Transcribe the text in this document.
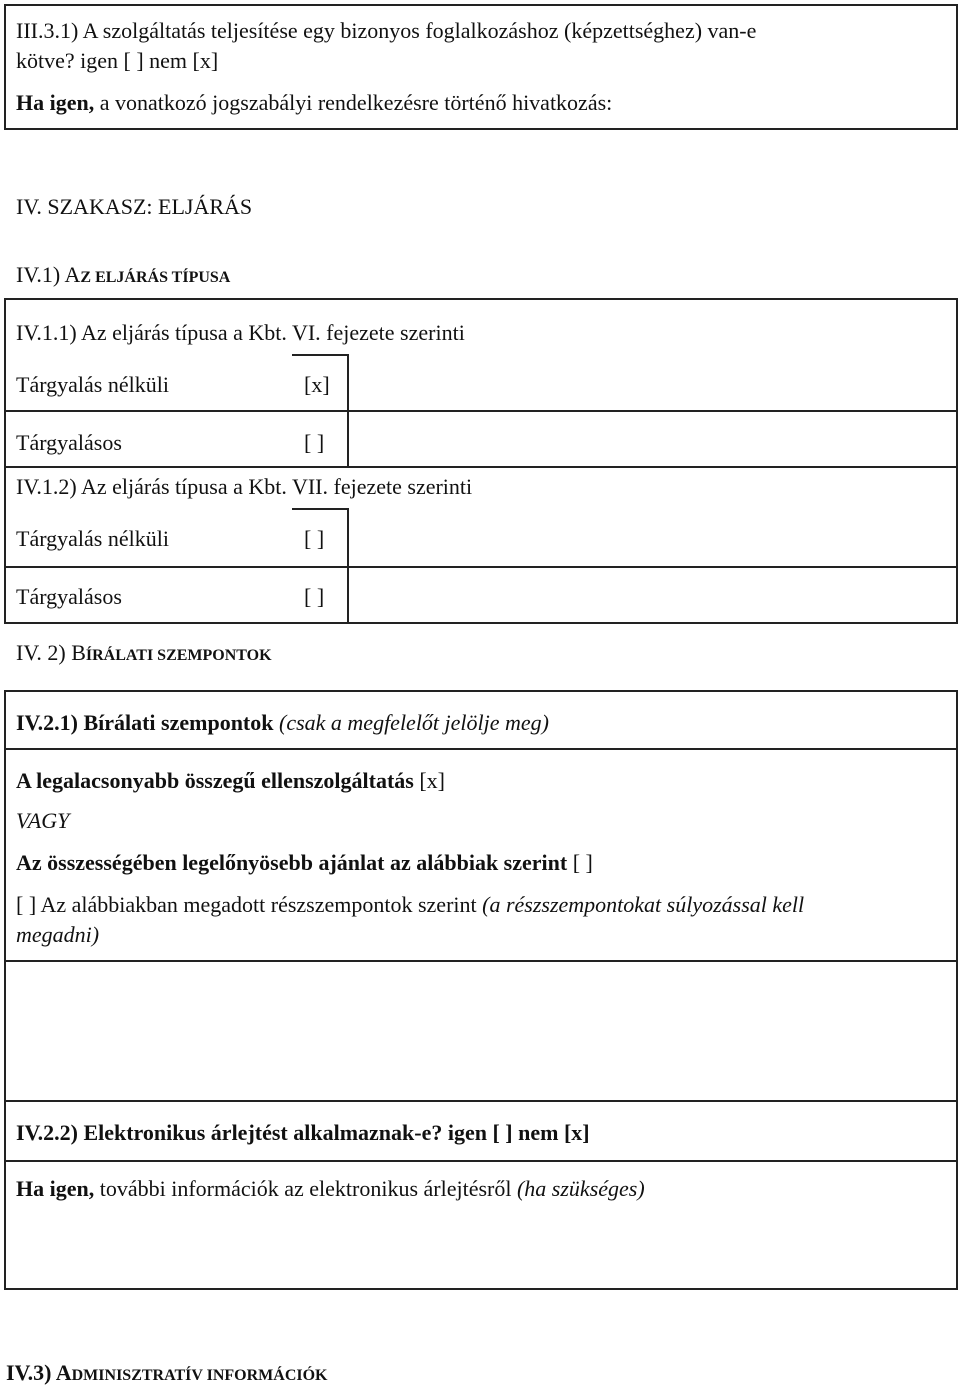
III.3.1) A szolgáltatás teljesítése egy bizonyos foglalkozáshoz (képzettséghez) van-e
kötve? igen [ ] nem [x]
Ha igen, a vonatkozó jogszabályi rendelkezésre történő hivatkozás:
IV. SZAKASZ: ELJÁRÁS
IV.1) AZ ELJÁRÁS TÍPUSA
IV.1.1) Az eljárás típusa a Kbt. VI. fejezete szerinti
Tárgyalás nélküli	[x]
Tárgyalásos	[ ]
IV.1.2) Az eljárás típusa a Kbt. VII. fejezete szerinti
Tárgyalás nélküli	[ ]
Tárgyalásos	[ ]
IV. 2) BÍRÁLATI SZEMPONTOK
IV.2.1) Bírálati szempontok (csak a megfelelőt jelölje meg)
A legalacsonyabb összegű ellenszolgáltatás [x]
VAGY
Az összességében legelőnyösebb ajánlat az alábbiak szerint [ ]
[ ] Az alábbiakban megadott részszempontok szerint (a részszempontokat súlyozással kell
megadni)
IV.2.2) Elektronikus árlejtést alkalmaznak-e? igen [ ] nem [x]
Ha igen, további információk az elektronikus árlejtésről (ha szükséges)
IV.3) ADMINISZTRATÍV INFORMÁCIÓK
